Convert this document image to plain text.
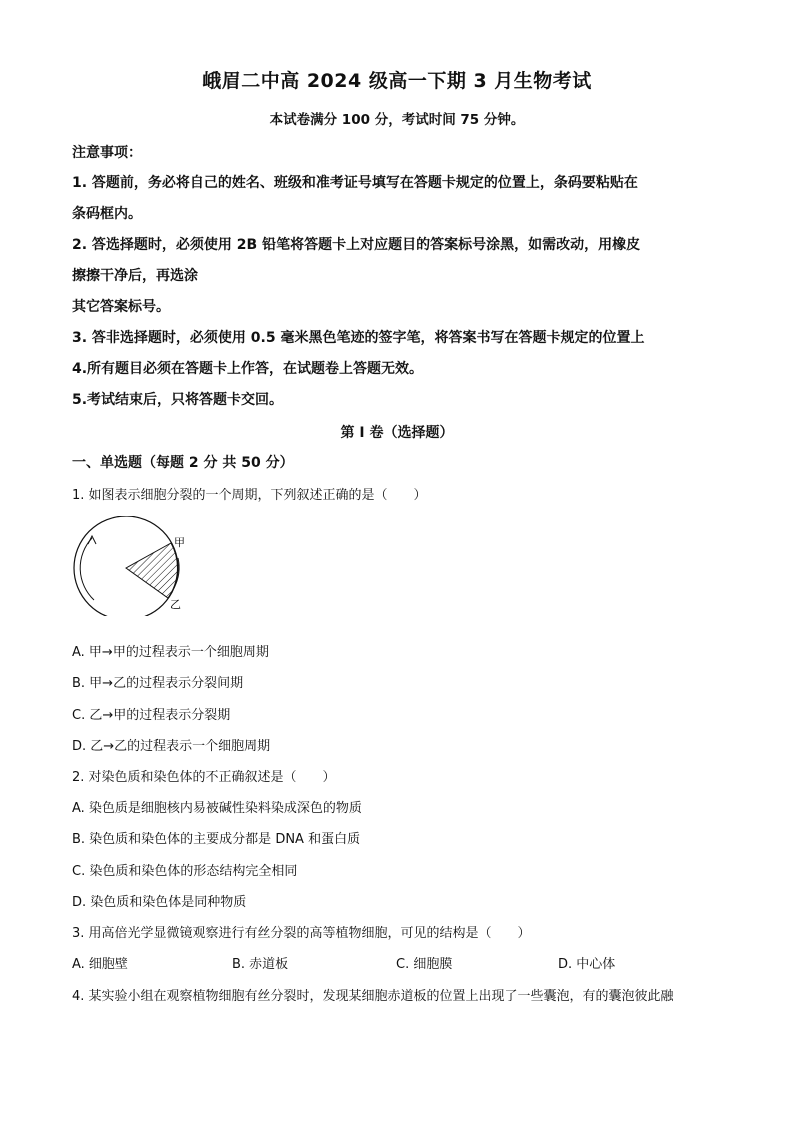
峨眉二中高 2024 级高一下期 3 月生物考试
本试卷满分 100 分，考试时间 75 分钟。
注意事项：
1. 答题前，务必将自己的姓名、班级和准考证号填写在答题卡规定的位置上，条码要粘贴在
条码框内。
2. 答选择题时，必须使用 2B 铅笔将答题卡上对应题目的答案标号涂黑，如需改动，用橡皮
擦擦干净后，再选涂
其它答案标号。
3. 答非选择题时，必须使用 0.5 毫米黑色笔迹的签字笔，将答案书写在答题卡规定的位置上
4.所有题目必须在答题卡上作答，在试题卷上答题无效。
5.考试结束后，只将答题卡交回。
第 I 卷（选择题）
一、单选题（每题 2 分 共 50 分）
1. 如图表示细胞分裂的一个周期，下列叙述正确的是（　　）
甲
乙
A. 甲→甲的过程表示一个细胞周期
B. 甲→乙的过程表示分裂间期
C. 乙→甲的过程表示分裂期
D. 乙→乙的过程表示一个细胞周期
2. 对染色质和染色体的不正确叙述是（　　）
A. 染色质是细胞核内易被碱性染料染成深色的物质
B. 染色质和染色体的主要成分都是 DNA 和蛋白质
C. 染色质和染色体的形态结构完全相同
D. 染色质和染色体是同种物质
3. 用高倍光学显微镜观察进行有丝分裂的高等植物细胞，可见的结构是（　　）
A. 细胞壁	B. 赤道板	C. 细胞膜	D. 中心体
4. 某实验小组在观察植物细胞有丝分裂时，发现某细胞赤道板的位置上出现了一些囊泡，有的囊泡彼此融
